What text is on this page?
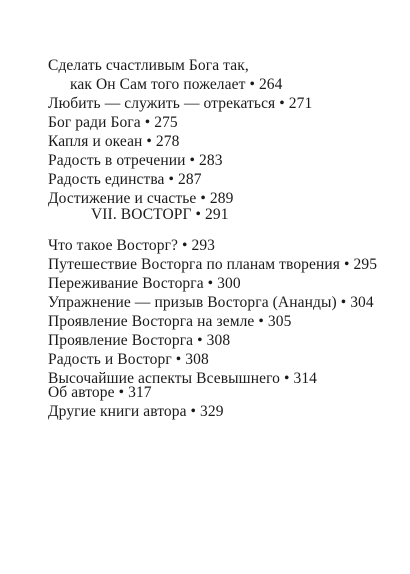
Сделать счастливым Бога так,
как Он Сам того пожелает • 264
Любить — служить — отрекаться • 271
Бог ради Бога • 275
Капля и океан • 278
Радость в отречении • 283
Радость единства • 287
Достижение и счастье • 289
VII. ВОСТОРГ • 291
Что такое Восторг? • 293
Путешествие Восторга по планам творения • 295
Переживание Восторга • 300
Упражнение — призыв Восторга (Ананды) • 304
Проявление Восторга на земле • 305
Проявление Восторга • 308
Радость и Восторг • 308
Высочайшие аспекты Всевышнего • 314
Об авторе • 317
Другие книги автора • 329
